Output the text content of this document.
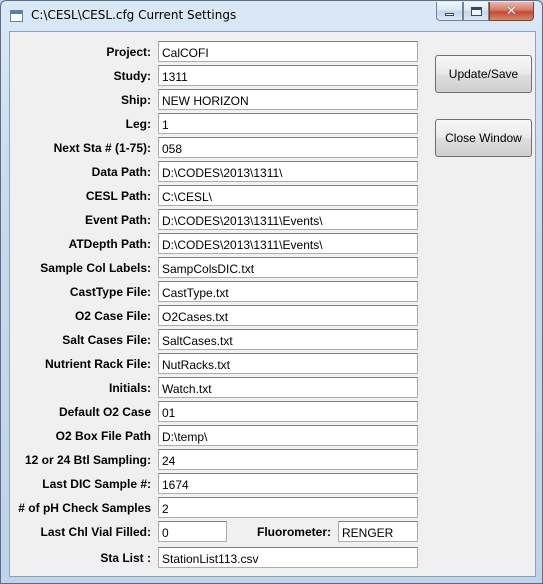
C:\CESL\CESL.cfg Current Settings	✕
Project:
CalCOFI
Study:
1311
Ship:
NEW HORIZON
Leg:
1
Next Sta # (1-75):
058
Data Path:
D:\CODES\2013\1311\
CESL Path:
C:\CESL\
Event Path:
D:\CODES\2013\1311\Events\
ATDepth Path:
D:\CODES\2013\1311\Events\
Sample Col Labels:
SampColsDIC.txt
CastType File:
CastType.txt
O2 Case File:
O2Cases.txt
Salt Cases File:
SaltCases.txt
Nutrient Rack File:
NutRacks.txt
Initials:
Watch.txt
Default O2 Case
01
O2 Box File Path
D:\temp\
12 or 24 Btl Sampling:
24
Last DIC Sample #:
1674
# of pH Check Samples
2
Last Chl Vial Filled:
0	Fluorometer:
RENGER
Sta List :
StationList113.csv
Update/Save
Close Window
